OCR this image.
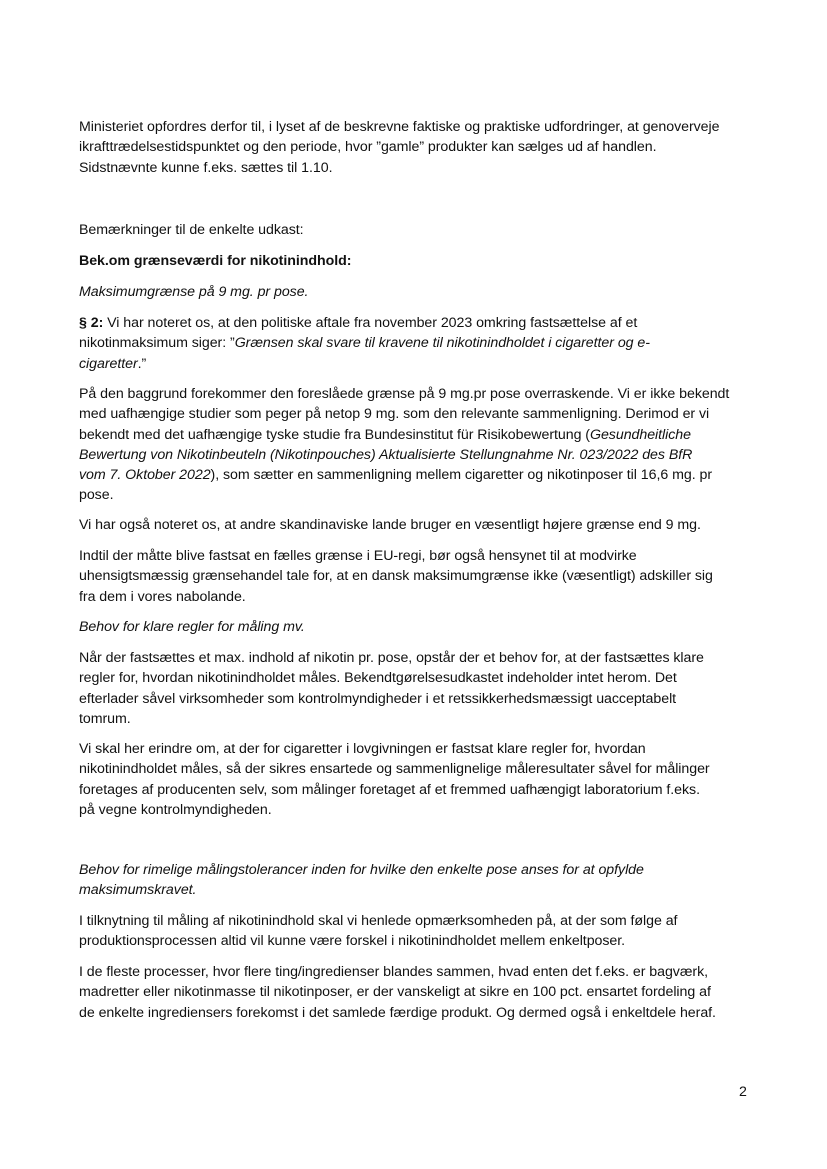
Ministeriet opfordres derfor til, i lyset af de beskrevne faktiske og praktiske udfordringer, at genoverveje
ikrafttrædelsestidspunktet og den periode, hvor ”gamle” produkter kan sælges ud af handlen.
Sidstnævnte kunne f.eks. sættes til 1.10.

Bemærkninger til de enkelte udkast:

Bek.om grænseværdi for nikotinindhold:

Maksimumgrænse på 9 mg. pr pose.

§ 2: Vi har noteret os, at den politiske aftale fra november 2023 omkring fastsættelse af et
nikotinmaksimum siger: ”Grænsen skal svare til kravene til nikotinindholdet i cigaretter og e-
cigaretter.”

På den baggrund forekommer den foreslåede grænse på 9 mg.pr pose overraskende. Vi er ikke bekendt
med uafhængige studier som peger på netop 9 mg. som den relevante sammenligning. Derimod er vi
bekendt med det uafhængige tyske studie fra Bundesinstitut für Risikobewertung (Gesundheitliche
Bewertung von Nikotinbeuteln (Nikotinpouches) Aktualisierte Stellungnahme Nr. 023/2022 des BfR
vom 7. Oktober 2022), som sætter en sammenligning mellem cigaretter og nikotinposer til 16,6 mg. pr
pose.

Vi har også noteret os, at andre skandinaviske lande bruger en væsentligt højere grænse end 9 mg.

Indtil der måtte blive fastsat en fælles grænse i EU-regi, bør også hensynet til at modvirke
uhensigtsmæssig grænsehandel tale for, at en dansk maksimumgrænse ikke (væsentligt) adskiller sig
fra dem i vores nabolande.

Behov for klare regler for måling mv.

Når der fastsættes et max. indhold af nikotin pr. pose, opstår der et behov for, at der fastsættes klare
regler for, hvordan nikotinindholdet måles. Bekendtgørelsesudkastet indeholder intet herom. Det
efterlader såvel virksomheder som kontrolmyndigheder i et retssikkerhedsmæssigt uacceptabelt
tomrum.

Vi skal her erindre om, at der for cigaretter i lovgivningen er fastsat klare regler for, hvordan
nikotinindholdet måles, så der sikres ensartede og sammenlignelige måleresultater såvel for målinger
foretages af producenten selv, som målinger foretaget af et fremmed uafhængigt laboratorium f.eks.
på vegne kontrolmyndigheden.

Behov for rimelige målingstolerancer inden for hvilke den enkelte pose anses for at opfylde
maksimumskravet.

I tilknytning til måling af nikotinindhold skal vi henlede opmærksomheden på, at der som følge af
produktionsprocessen altid vil kunne være forskel i nikotinindholdet mellem enkeltposer.

I de fleste processer, hvor flere ting/ingredienser blandes sammen, hvad enten det f.eks. er bagværk,
madretter eller nikotinmasse til nikotinposer, er der vanskeligt at sikre en 100 pct. ensartet fordeling af
de enkelte ingrediensers forekomst i det samlede færdige produkt. Og dermed også i enkeltdele heraf.

2
